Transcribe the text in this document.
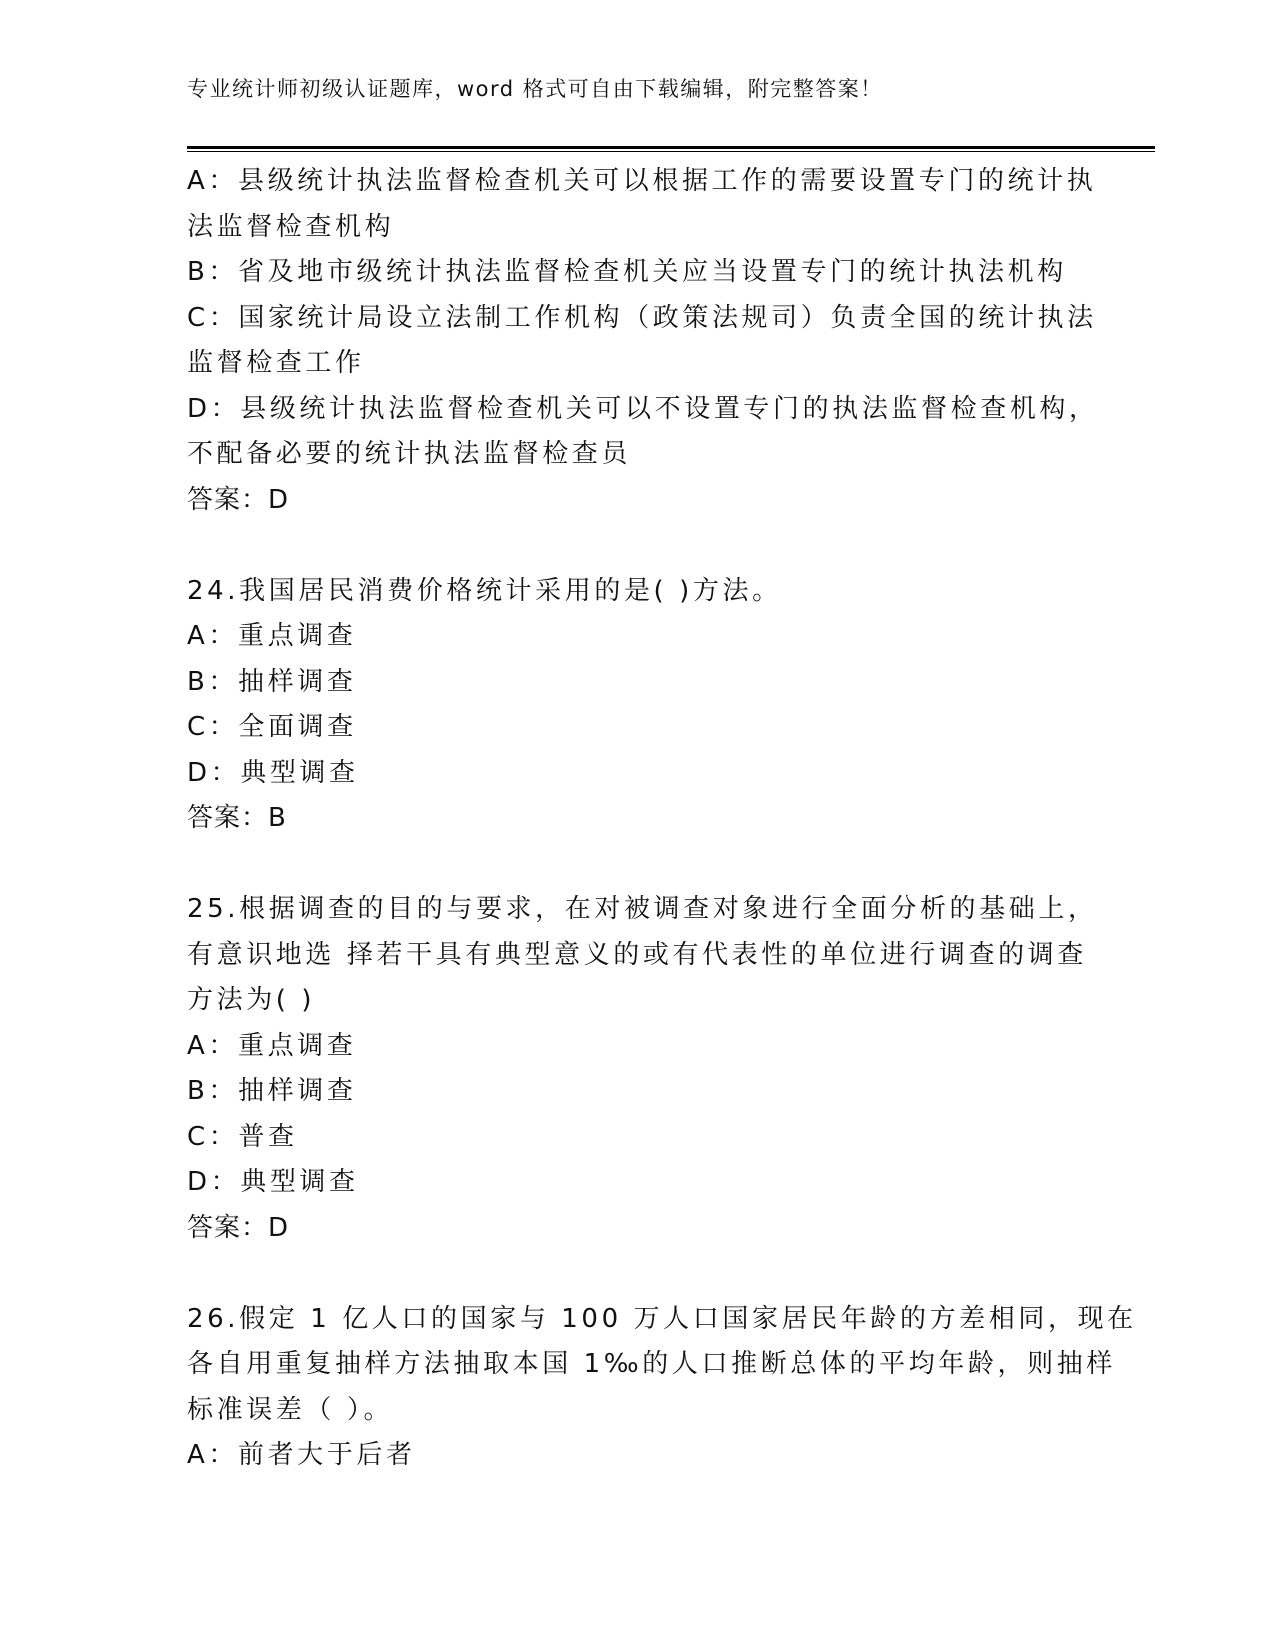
专业统计师初级认证题库，word 格式可自由下载编辑，附完整答案！
A：县级统计执法监督检查机关可以根据工作的需要设置专门的统计执
法监督检查机构
B：省及地市级统计执法监督检查机关应当设置专门的统计执法机构
C：国家统计局设立法制工作机构（政策法规司）负责全国的统计执法
监督检查工作
D：县级统计执法监督检查机关可以不设置专门的执法监督检查机构，
不配备必要的统计执法监督检查员
答案：D
24.我国居民消费价格统计采用的是( )方法。
A：重点调查
B：抽样调查
C：全面调查
D：典型调查
答案：B
25.根据调查的目的与要求，在对被调查对象进行全面分析的基础上，
有意识地选 择若干具有典型意义的或有代表性的单位进行调查的调查
方法为( )
A：重点调查
B：抽样调查
C：普查
D：典型调查
答案：D
26.假定 1 亿人口的国家与 100 万人口国家居民年龄的方差相同，现在
各自用重复抽样方法抽取本国 1‰的人口推断总体的平均年龄，则抽样
标准误差（ ）。
A：前者大于后者
